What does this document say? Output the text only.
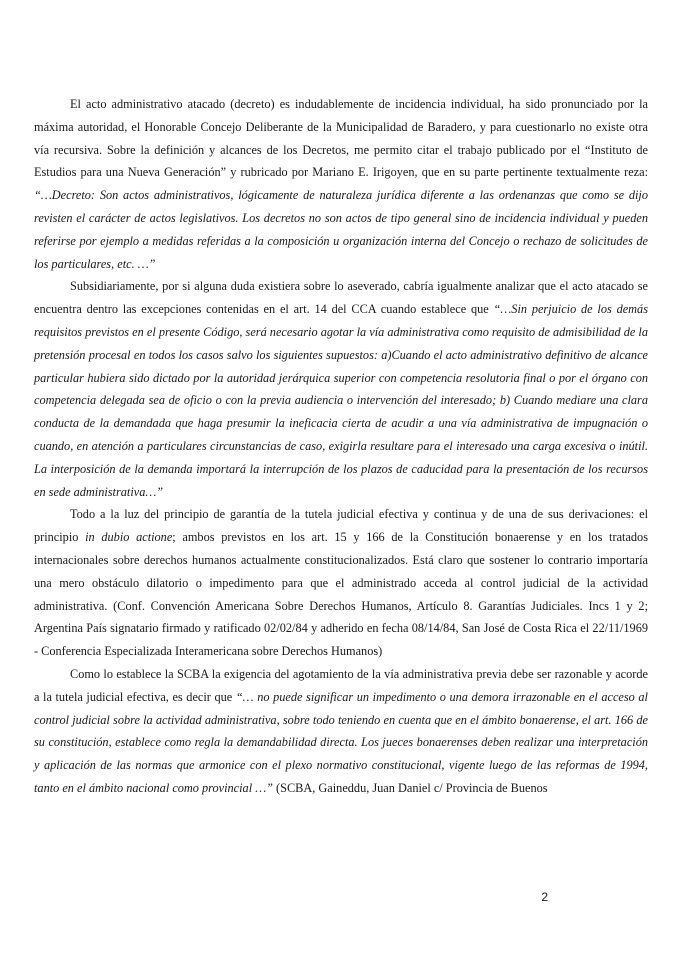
El acto administrativo atacado (decreto) es indudablemente de incidencia individual, ha sido pronunciado por la máxima autoridad, el Honorable Concejo Deliberante de la Municipalidad de Baradero, y para cuestionarlo no existe otra vía recursiva. Sobre la definición y alcances de los Decretos, me permito citar el trabajo publicado por el “Instituto de Estudios para una Nueva Generación” y rubricado por Mariano E. Irigoyen, que en su parte pertinente textualmente reza: “…Decreto: Son actos administrativos, lógicamente de naturaleza jurídica diferente a las ordenanzas que como se dijo revisten el carácter de actos legislativos. Los decretos no son actos de tipo general sino de incidencia individual y pueden referirse por ejemplo a medidas referidas a la composición u organización interna del Concejo o rechazo de solicitudes de los particulares, etc. …”

Subsidiariamente, por si alguna duda existiera sobre lo aseverado, cabría igualmente analizar que el acto atacado se encuentra dentro las excepciones contenidas en el art. 14 del CCA cuando establece que “…Sin perjuicio de los demás requisitos previstos en el presente Código, será necesario agotar la vía administrativa como requisito de admisibilidad de la pretensión procesal en todos los casos salvo los siguientes supuestos: a)Cuando el acto administrativo definitivo de alcance particular hubiera sido dictado por la autoridad jerárquica superior con competencia resolutoria final o por el órgano con competencia delegada sea de oficio o con la previa audiencia o intervención del interesado; b) Cuando mediare una clara conducta de la demandada que haga presumir la ineficacia cierta de acudir a una vía administrativa de impugnación o cuando, en atención a particulares circunstancias de caso, exigirla resultare para el interesado una carga excesiva o inútil. La interposición de la demanda importará la interrupción de los plazos de caducidad para la presentación de los recursos en sede administrativa…”

Todo a la luz del principio de garantía de la tutela judicial efectiva y continua y de una de sus derivaciones: el principio in dubio actione; ambos previstos en los art. 15 y 166 de la Constitución bonaerense y en los tratados internacionales sobre derechos humanos actualmente constitucionalizados. Está claro que sostener lo contrario importaría una mero obstáculo dilatorio o impedimento para que el administrado acceda al control judicial de la actividad administrativa. (Conf. Convención Americana Sobre Derechos Humanos, Artículo 8. Garantías Judiciales. Incs 1 y 2; Argentina País signatario firmado y ratificado 02/02/84 y adherido en fecha 08/14/84, San José de Costa Rica el 22/11/1969 - Conferencia Especializada Interamericana sobre Derechos Humanos)

Como lo establece la SCBA la exigencia del agotamiento de la vía administrativa previa debe ser razonable y acorde a la tutela judicial efectiva, es decir que “… no puede significar un impedimento o una demora irrazonable en el acceso al control judicial sobre la actividad administrativa, sobre todo teniendo en cuenta que en el ámbito bonaerense, el art. 166 de su constitución, establece como regla la demandabilidad directa. Los jueces bonaerenses deben realizar una interpretación y aplicación de las normas que armonice con el plexo normativo constitucional, vigente luego de las reformas de 1994, tanto en el ámbito nacional como provincial …” (SCBA, Gaineddu, Juan Daniel c/ Provincia de Buenos

2
